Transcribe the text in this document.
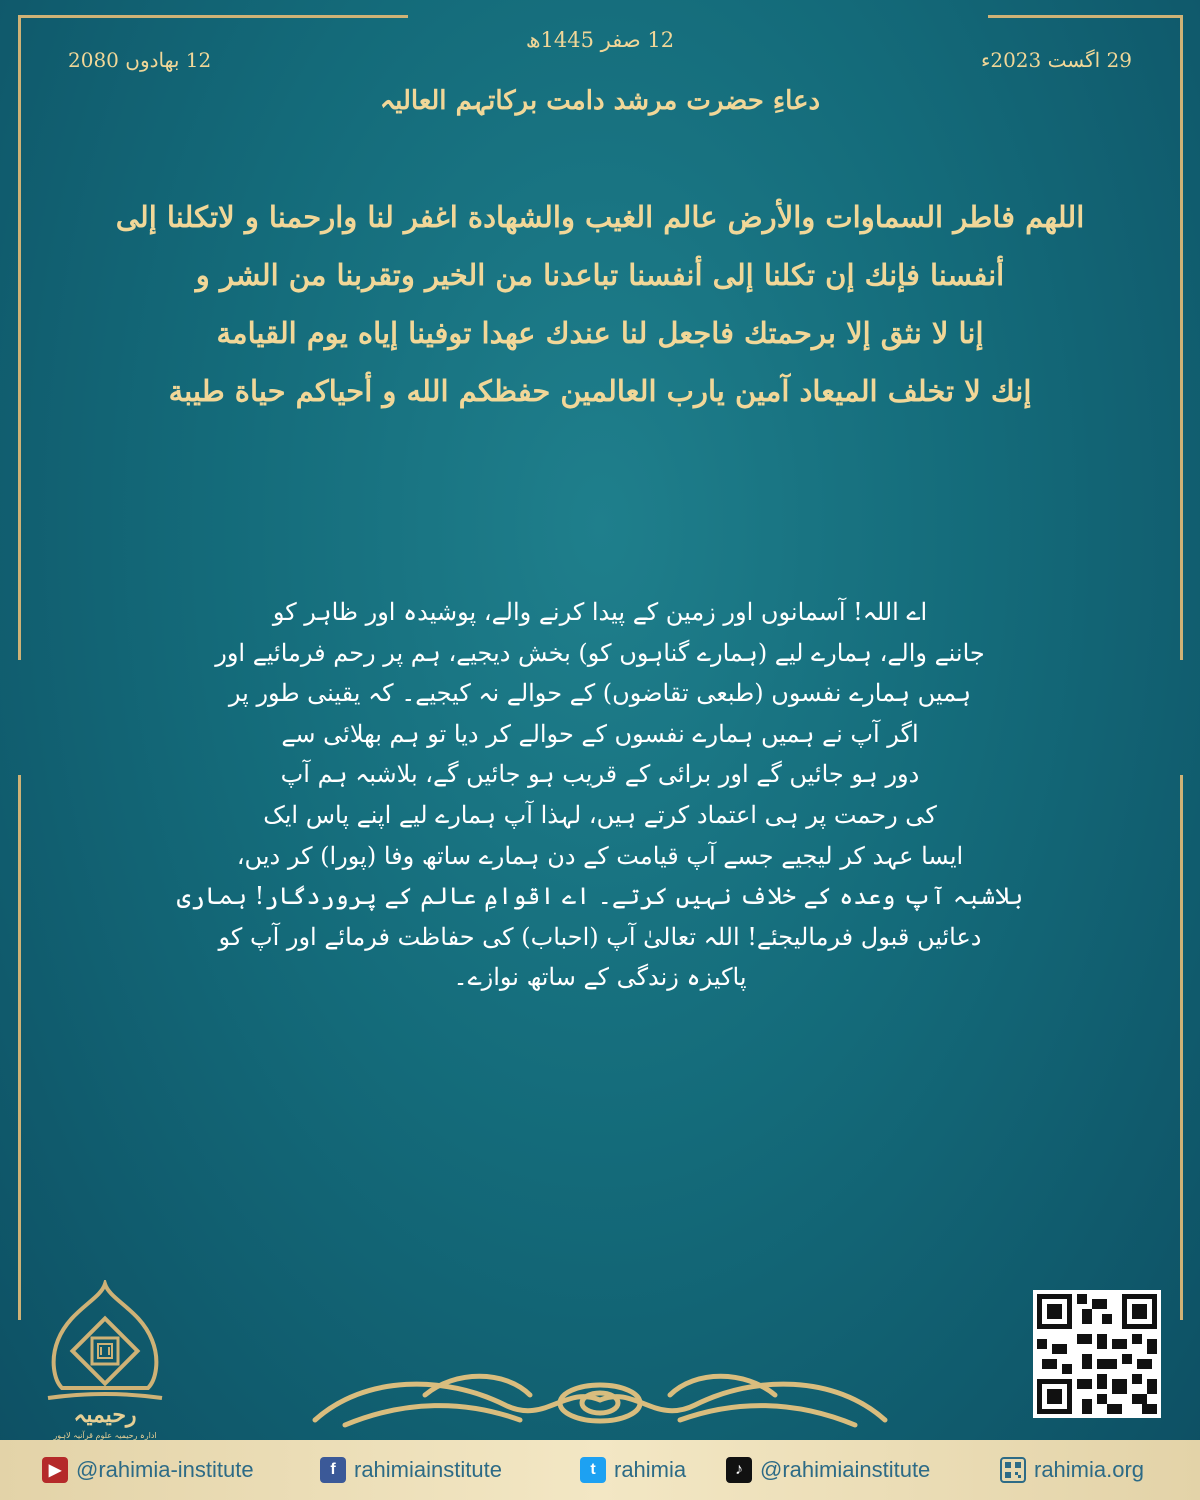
12 صفر 1445ھ
29 اگست 2023ء
12 بھادوں 2080
دعاءِ حضرت مرشد دامت برکاتہم العالیہ
اللهم فاطر السماوات والأرض عالم الغيب والشهادة اغفر لنا وارحمنا و لاتكلنا إلى
أنفسنا فإنك إن تكلنا إلى أنفسنا تباعدنا من الخير وتقربنا من الشر و
إنا لا نثق إلا برحمتك فاجعل لنا عندك عهدا توفينا إياه يوم القيامة
إنك لا تخلف الميعاد آمين يارب العالمين حفظكم الله و أحياكم حياة طيبة
اے اللہ! آسمانوں اور زمین کے پیدا کرنے والے، پوشیدہ اور ظاہر کو
جاننے والے، ہمارے لیے (ہمارے گناہوں کو) بخش دیجیے، ہم پر رحم فرمائیے اور
ہمیں ہمارے نفسوں (طبعی تقاضوں) کے حوالے نہ کیجیے۔ کہ یقینی طور پر
اگر آپ نے ہمیں ہمارے نفسوں کے حوالے کر دیا تو ہم بھلائی سے
دور ہو جائیں گے اور برائی کے قریب ہو جائیں گے، بلاشبہ ہم آپ
کی رحمت پر ہی اعتماد کرتے ہیں، لہذا آپ ہمارے لیے اپنے پاس ایک
ایسا عہد کر لیجیے جسے آپ قیامت کے دن ہمارے ساتھ وفا (پورا) کر دیں،
بلاشبہ آپ وعدہ کے خلاف نہیں کرتے۔ اے اقوامِ عالم کے پروردگار! ہماری
دعائیں قبول فرمالیجئے! اللہ تعالیٰ آپ (احباب) کی حفاظت فرمائے اور آپ کو
پاکیزہ زندگی کے ساتھ نوازے۔
رحیمیہ
ادارہ رحیمیہ علوم قرآنیہ لاہور
▶ @rahimia-institute	f rahimiainstitute	t rahimia	♪ @rahimiainstitute	rahimia.org
